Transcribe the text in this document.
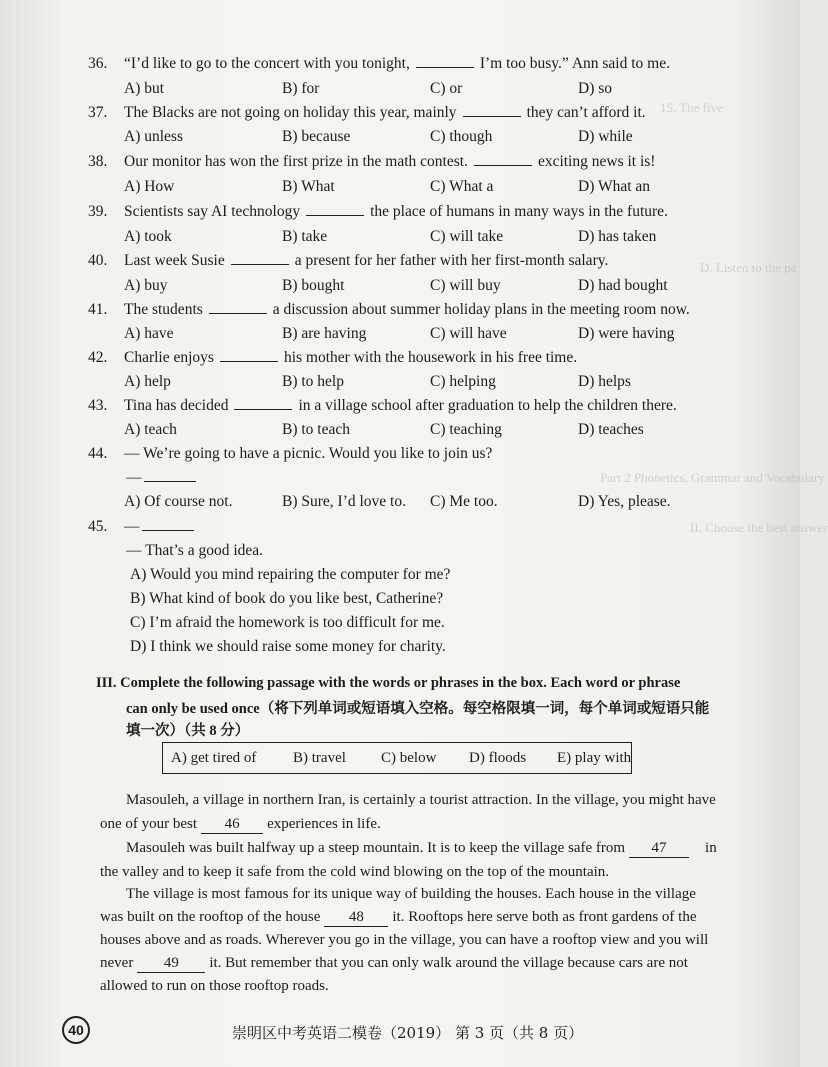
Part 2 Phonetics, Grammar and Vocabulary
15. The five
D. Listen to the pa
II. Choose the best answer
36. “I’d like to go to the concert with you tonight,	I’m too busy.” Ann said to me.
A) but	B) for	C) or	D) so
37. The Blacks are not going on holiday this year, mainly	they can’t afford it.
A) unless	B) because	C) though	D) while
38. Our monitor has won the first prize in the math contest.	exciting news it is!
A) How	B) What	C) What a	D) What an
39. Scientists say AI technology	the place of humans in many ways in the future.
A) took	B) take	C) will take	D) has taken
40. Last week Susie	a present for her father with her first-month salary.
A) buy	B) bought	C) will buy	D) had bought
41. The students	a discussion about summer holiday plans in the meeting room now.
A) have	B) are having	C) will have	D) were having
42. Charlie enjoys	his mother with the housework in his free time.
A) help	B) to help	C) helping	D) helps
43. Tina has decided	in a village school after graduation to help the children there.
A) teach	B) to teach	C) teaching	D) teaches
44. — We’re going to have a picnic. Would you like to join us?
—
A) Of course not.	B) Sure, I’d love to. C) Me too.	D) Yes, please.
45. —
— That’s a good idea.
A) Would you mind repairing the computer for me?
B) What kind of book do you like best, Catherine?
C) I’m afraid the homework is too difficult for me.
D) I think we should raise some money for charity.
III. Complete the following passage with the words or phrases in the box. Each word or phrase
can only be used once（将下列单词或短语填入空格。每空格限填一词，每个单词或短语只能
填一次）（共 8 分）
A) get tired of B) travel C) below D) floods E) play with
Masouleh, a village in northern Iran, is certainly a tourist attraction. In the village, you might have
one of your best 46 experiences in life.
Masouleh was built halfway up a steep mountain. It is to keep the village safe from 47	in
the valley and to keep it safe from the cold wind blowing on the top of the mountain.
The village is most famous for its unique way of building the houses. Each house in the village
was built on the rooftop of the house 48 it. Rooftops here serve both as front gardens of the
houses above and as roads. Wherever you go in the village, you can have a rooftop view and you will
never 49 it. But remember that you can only walk around the village because cars are not
allowed to run on those rooftop roads.
40	崇明区中考英语二模卷（2019） 第 3 页（共 8 页）
